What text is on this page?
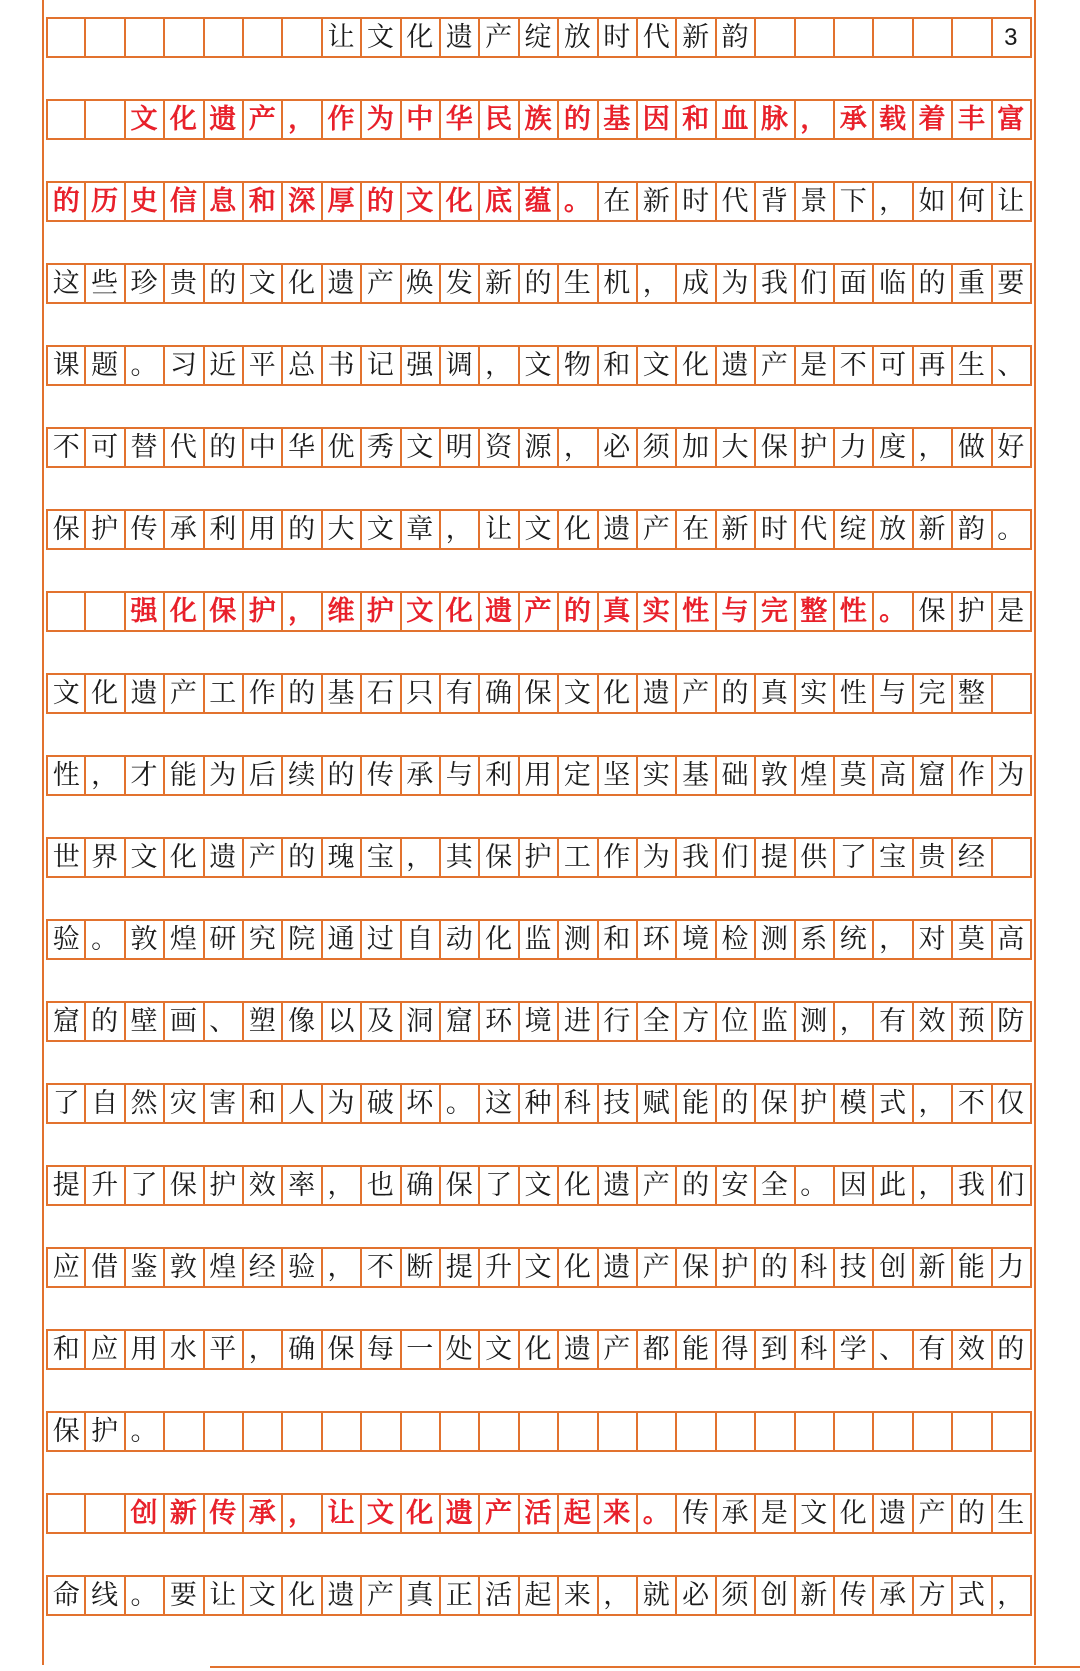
让 文 化 遗 产 绽 放 时 代 新 韵	3
文 化 遗 产 ， 作 为 中 华 民 族 的 基 因 和 血 脉 ， 承 载 着 丰 富
的 历 史 信 息 和 深 厚 的 文 化 底 蕴 。 在 新 时 代 背 景 下 ， 如 何 让
这 些 珍 贵 的 文 化 遗 产 焕 发 新 的 生 机 ， 成 为 我 们 面 临 的 重 要
课 题 。 习 近 平 总 书 记 强 调 ， 文 物 和 文 化 遗 产 是 不 可 再 生 、
不 可 替 代 的 中 华 优 秀 文 明 资 源 ， 必 须 加 大 保 护 力 度 ， 做 好
保 护 传 承 利 用 的 大 文 章 ， 让 文 化 遗 产 在 新 时 代 绽 放 新 韵 。
强 化 保 护 ， 维 护 文 化 遗 产 的 真 实 性 与 完 整 性 。 保 护 是
文 化 遗 产 工 作 的 基 石 只 有 确 保 文 化 遗 产 的 真 实 性 与 完 整
性 ， 才 能 为 后 续 的 传 承 与 利 用 定 坚 实 基 础 敦 煌 莫 高 窟 作 为
世 界 文 化 遗 产 的 瑰 宝 ， 其 保 护 工 作 为 我 们 提 供 了 宝 贵 经
验 。 敦 煌 研 究 院 通 过 自 动 化 监 测 和 环 境 检 测 系 统 ， 对 莫 高
窟 的 壁 画 、 塑 像 以 及 洞 窟 环 境 进 行 全 方 位 监 测 ， 有 效 预 防
了 自 然 灾 害 和 人 为 破 坏 。 这 种 科 技 赋 能 的 保 护 模 式 ， 不 仅
提 升 了 保 护 效 率 ， 也 确 保 了 文 化 遗 产 的 安 全 。 因 此 ， 我 们
应 借 鉴 敦 煌 经 验 ， 不 断 提 升 文 化 遗 产 保 护 的 科 技 创 新 能 力
和 应 用 水 平 ， 确 保 每 一 处 文 化 遗 产 都 能 得 到 科 学 、 有 效 的
保 护 。
创 新 传 承 ， 让 文 化 遗 产 活 起 来 。 传 承 是 文 化 遗 产 的 生
命 线 。 要 让 文 化 遗 产 真 正 活 起 来 ， 就 必 须 创 新 传 承 方 式 ，
